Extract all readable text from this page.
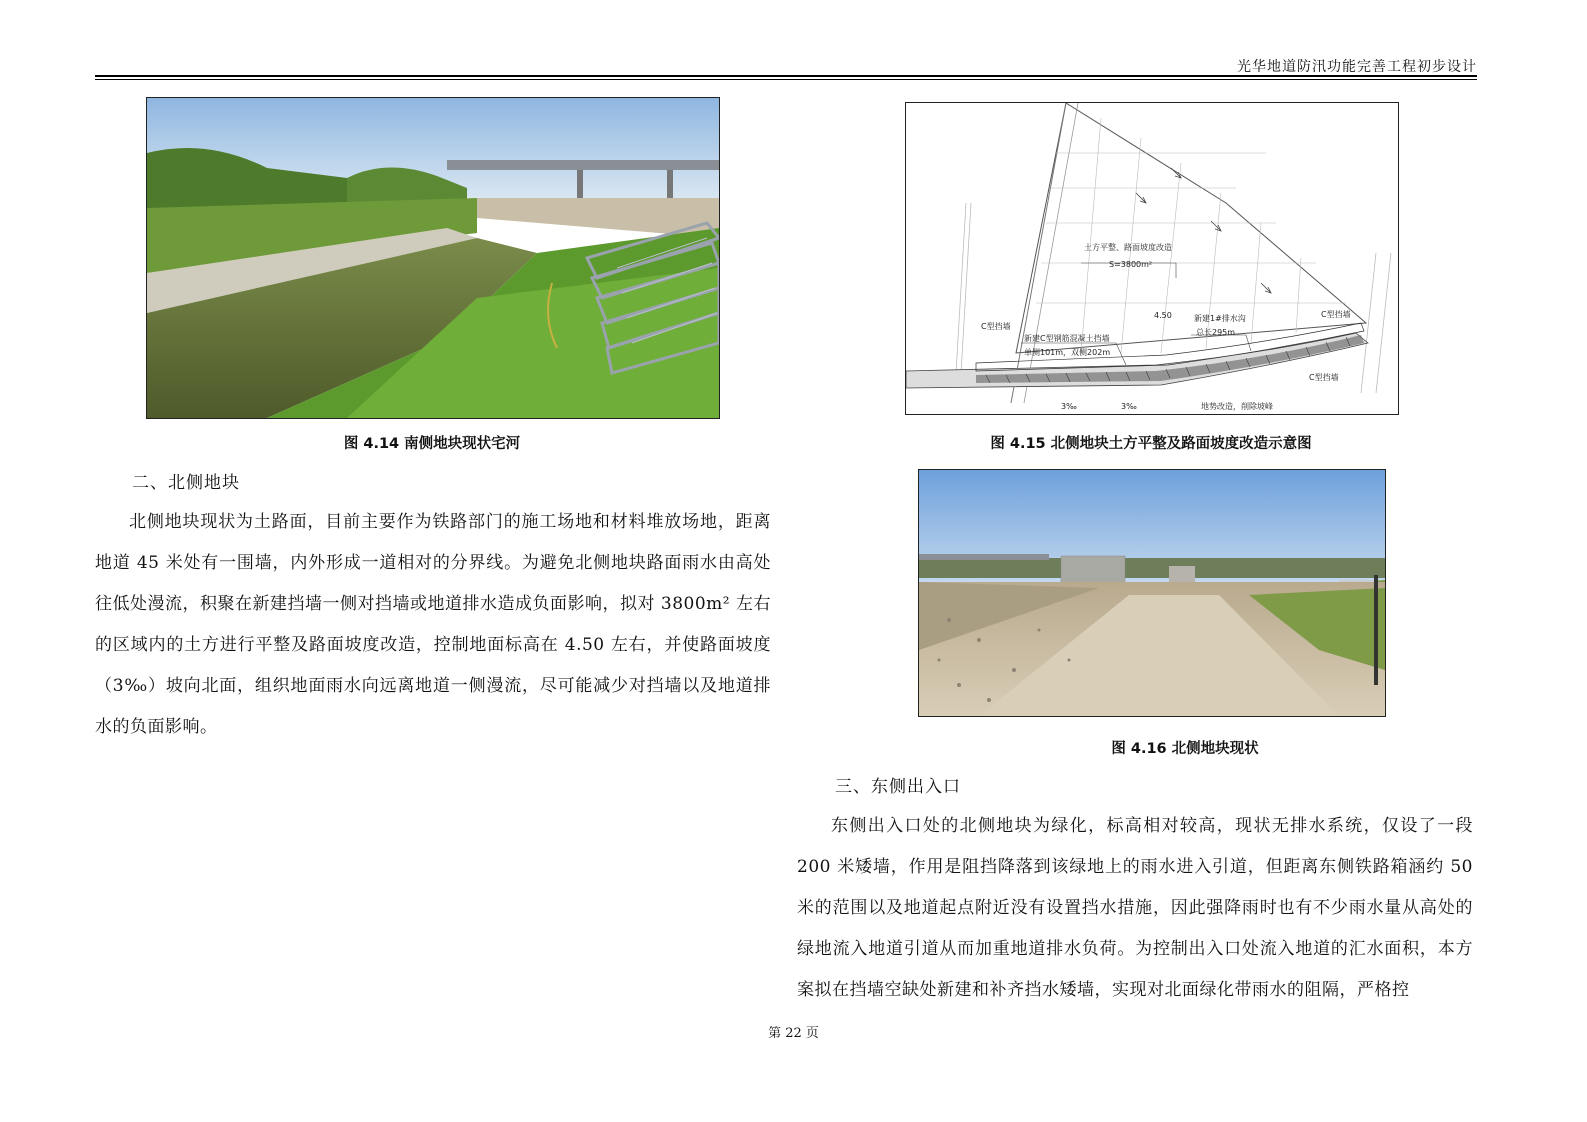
光华地道防汛功能完善工程初步设计
图 4.14 南侧地块现状宅河
土方平整、路面坡度改造
S=3800m²
4.50
C型挡墙
C型挡墙
C型挡墙
新建C型钢筋混凝土挡墙
单侧101m，双侧202m
新建1#排水沟
总长295m
3‰	3‰	地势改造，削除坡峰
图 4.15 北侧地块土方平整及路面坡度改造示意图
图 4.16 北侧地块现状
二、北侧地块
北侧地块现状为土路面，目前主要作为铁路部门的施工场地和材料堆放场地，距离地道 45 米处有一围墙，内外形成一道相对的分界线。为避免北侧地块路面雨水由高处往低处漫流，积聚在新建挡墙一侧对挡墙或地道排水造成负面影响，拟对 3800m² 左右的区域内的土方进行平整及路面坡度改造，控制地面标高在 4.50 左右，并使路面坡度（3‰）坡向北面，组织地面雨水向远离地道一侧漫流，尽可能减少对挡墙以及地道排水的负面影响。
三、东侧出入口
东侧出入口处的北侧地块为绿化，标高相对较高，现状无排水系统，仅设了一段 200 米矮墙，作用是阻挡降落到该绿地上的雨水进入引道，但距离东侧铁路箱涵约 50 米的范围以及地道起点附近没有设置挡水措施，因此强降雨时也有不少雨水量从高处的绿地流入地道引道从而加重地道排水负荷。为控制出入口处流入地道的汇水面积，本方案拟在挡墙空缺处新建和补齐挡水矮墙，实现对北面绿化带雨水的阻隔，严格控
第 22 页
